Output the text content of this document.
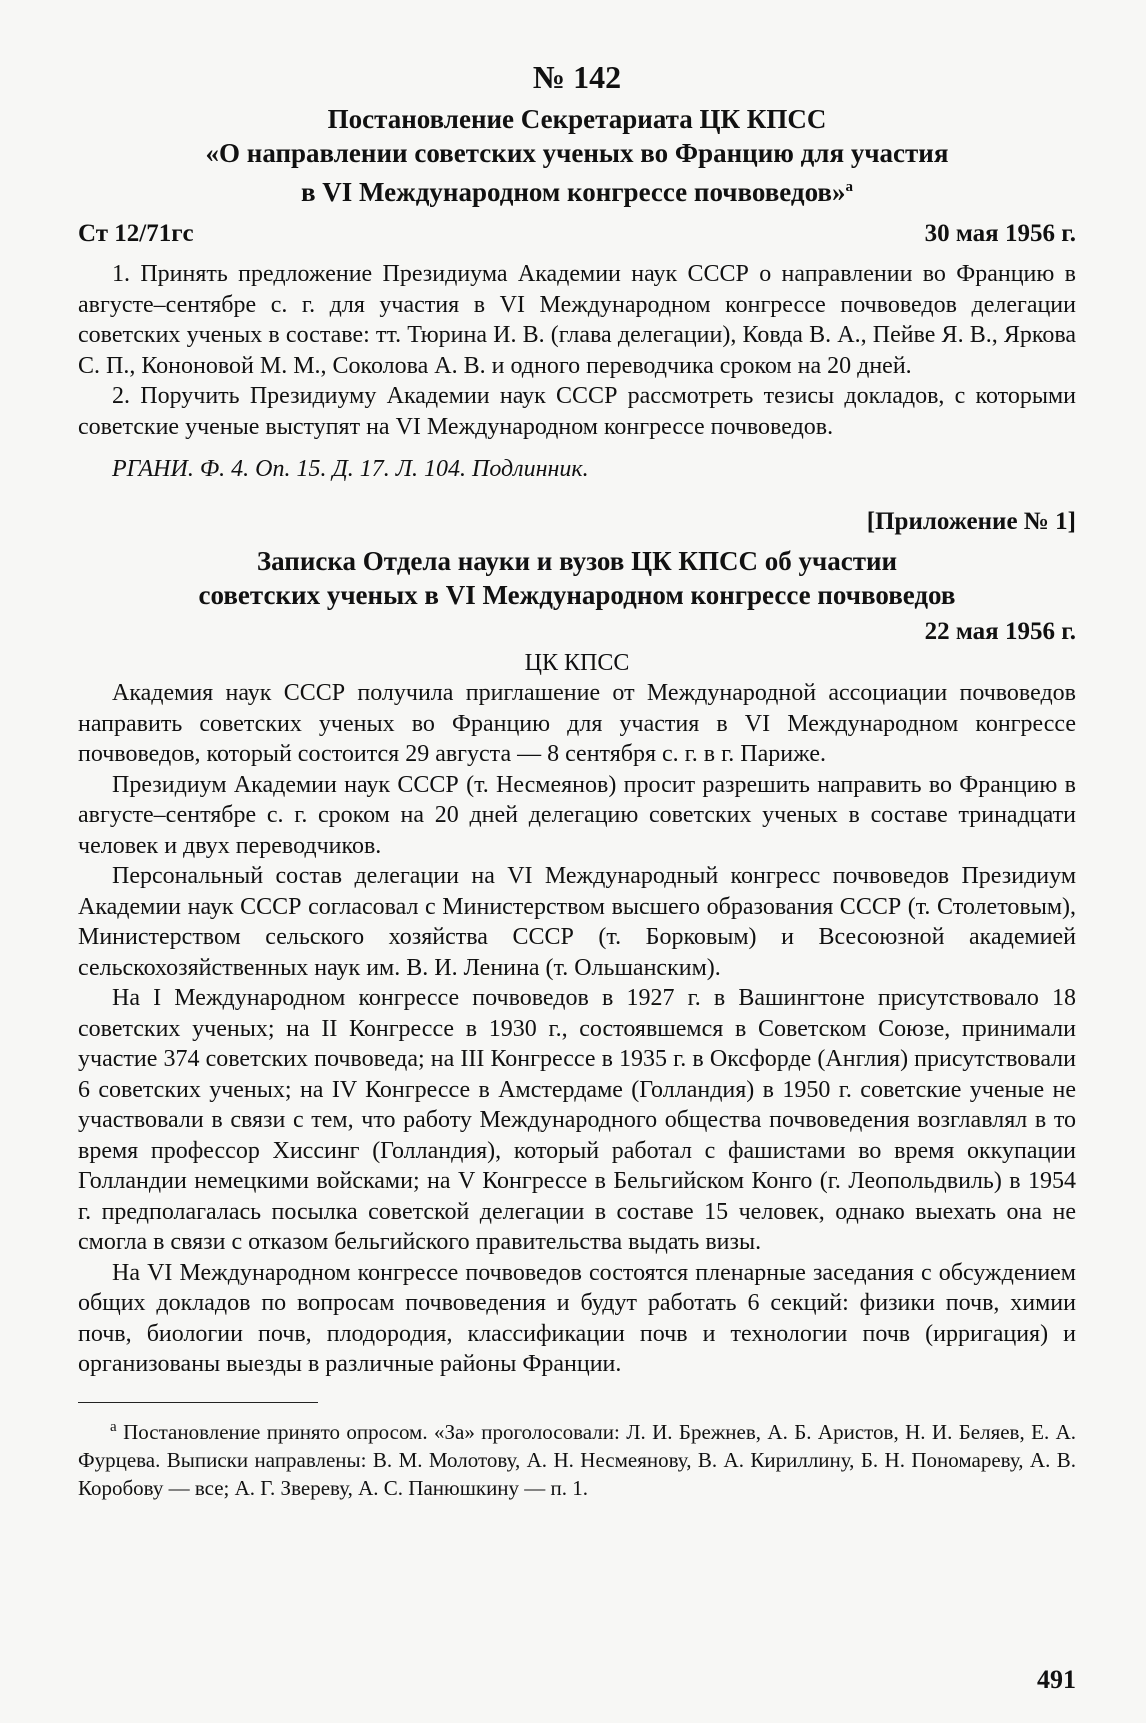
№ 142
Постановление Секретариата ЦК КПСС
«О направлении советских ученых во Францию для участия
в VI Международном конгрессе почвоведов»$^а$
Ст 12/71гс	30 мая 1956 г.

1. Принять предложение Президиума Академии наук СССР о направлении во Францию в августе–сентябре с. г. для участия в VI Международном конгрессе почвоведов делегации советских ученых в составе: тт. Тюрина И. В. (глава делегации), Ковда В. А., Пейве Я. В., Яркова С. П., Кононовой М. М., Соколова А. В. и одного переводчика сроком на 20 дней.

2. Поручить Президиуму Академии наук СССР рассмотреть тезисы докладов, с которыми советские ученые выступят на VI Международном конгрессе почвоведов.

РГАНИ. Ф. 4. Оп. 15. Д. 17. Л. 104. Подлинник.
[Приложение № 1]
Записка Отдела науки и вузов ЦК КПСС об участии
советских ученых в VI Международном конгрессе почвоведов
22 мая 1956 г.
ЦК КПСС

Академия наук СССР получила приглашение от Международной ассоциации почвоведов направить советских ученых во Францию для участия в VI Международном конгрессе почвоведов, который состоится 29 августа — 8 сентября с. г. в г. Париже.

Президиум Академии наук СССР (т. Несмеянов) просит разрешить направить во Францию в августе–сентябре с. г. сроком на 20 дней делегацию советских ученых в составе тринадцати человек и двух переводчиков.

Персональный состав делегации на VI Международный конгресс почвоведов Президиум Академии наук СССР согласовал с Министерством высшего образования СССР (т. Столетовым), Министерством сельского хозяйства СССР (т. Борковым) и Всесоюзной академией сельскохозяйственных наук им. В. И. Ленина (т. Ольшанским).

На I Международном конгрессе почвоведов в 1927 г. в Вашингтоне присутствовало 18 советских ученых; на II Конгрессе в 1930 г., состоявшемся в Советском Союзе, принимали участие 374 советских почвоведа; на III Конгрессе в 1935 г. в Оксфорде (Англия) присутствовали 6 советских ученых; на IV Конгрессе в Амстердаме (Голландия) в 1950 г. советские ученые не участвовали в связи с тем, что работу Международного общества почвоведения возглавлял в то время профессор Хиссинг (Голландия), который работал с фашистами во время оккупации Голландии немецкими войсками; на V Конгрессе в Бельгийском Конго (г. Леопольдвиль) в 1954 г. предполагалась посылка советской делегации в составе 15 человек, однако выехать она не смогла в связи с отказом бельгийского правительства выдать визы.

На VI Международном конгрессе почвоведов состоятся пленарные заседания с обсуждением общих докладов по вопросам почвоведения и будут работать 6 секций: физики почв, химии почв, биологии почв, плодородия, классификации почв и технологии почв (ирригация) и организованы выезды в различные районы Франции.

$^а$ Постановление принято опросом. «За» проголосовали: Л. И. Брежнев, А. Б. Аристов, Н. И. Беляев, Е. А. Фурцева. Выписки направлены: В. М. Молотову, А. Н. Несмеянову, В. А. Кириллину, Б. Н. Пономареву, А. В. Коробову — все; А. Г. Звереву, А. С. Панюшкину — п. 1.

491
